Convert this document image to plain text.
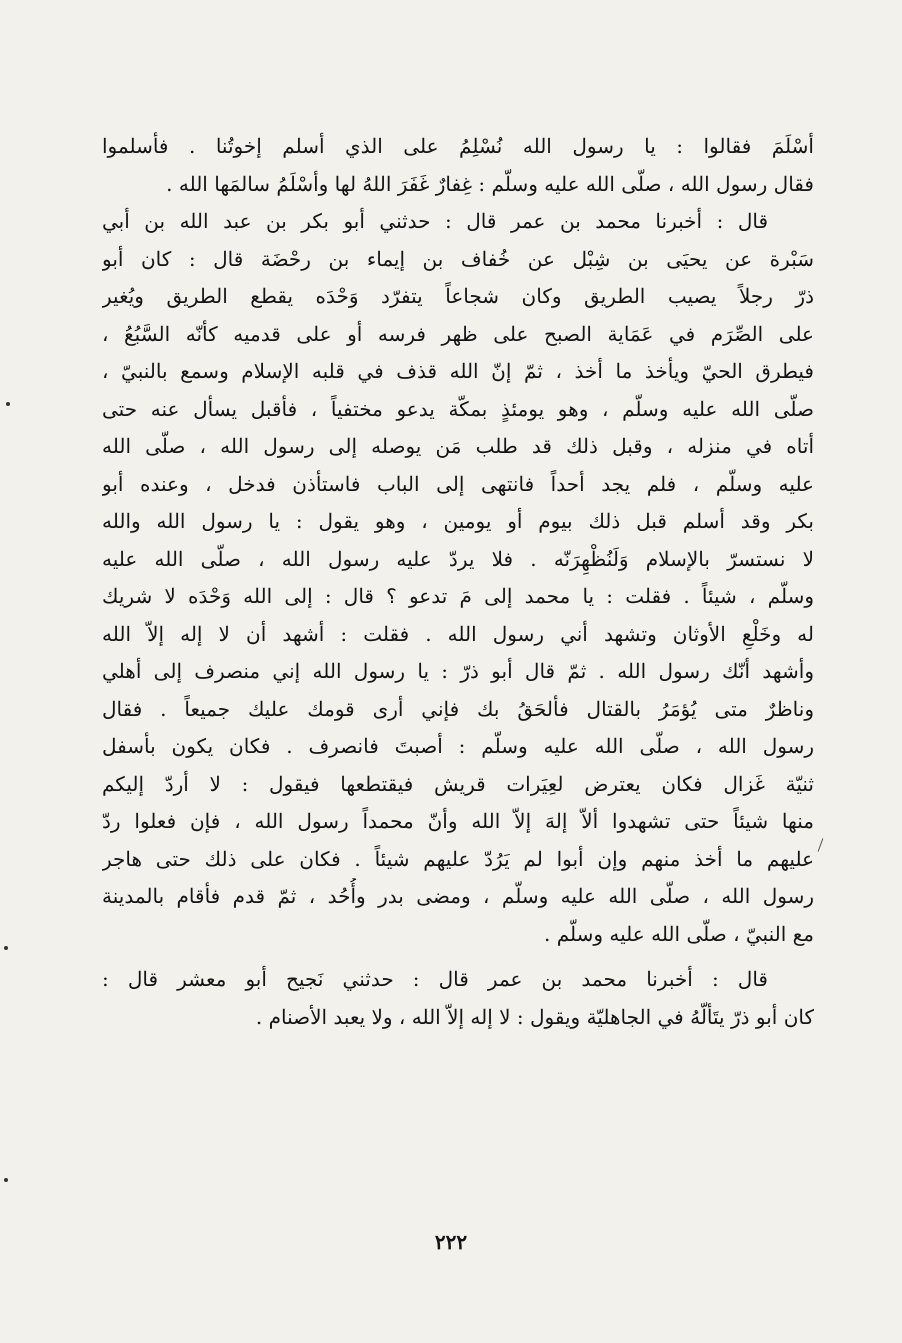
أسْلَمَ فقالوا : يا رسول الله نُسْلِمُ على الذي أسلم إخوتُنا . فأسلموا
فقال رسول الله ، صلّى الله عليه وسلّم : غِفارٌ غَفَرَ اللهُ لها وأسْلَمُ سالمَها الله .
قال : أخبرنا محمد بن عمر قال : حدثني أبو بكر بن عبد الله بن أبي
سَبْرة عن يحيَى بن شِبْل عن خُفاف بن إيماء بن رحْضَة قال : كان أبو
ذرّ رجلاً يصيب الطريق وكان شجاعاً يتفرّد وَحْدَه يقطع الطريق ويُغير
على الصِّرَم في عَمَاية الصبح على ظهر فرسه أو على قدميه كأنّه السَّبُعُ ،
فيطرق الحيّ ويأخذ ما أخذ ، ثمّ إنّ الله قذف في قلبه الإسلام وسمع بالنبيّ ،
صلّى الله عليه وسلّم ، وهو يومئذٍ بمكّة يدعو مختفياً ، فأقبل يسأل عنه حتى
أتاه في منزله ، وقبل ذلك قد طلب مَن يوصله إلى رسول الله ، صلّى الله
عليه وسلّم ، فلم يجد أحداً فانتهى إلى الباب فاستأذن فدخل ، وعنده أبو
بكر وقد أسلم قبل ذلك بيوم أو يومين ، وهو يقول : يا رسول الله والله
لا نستسرّ بالإسلام وَلَنُظْهِرَنّه . فلا يردّ عليه رسول الله ، صلّى الله عليه
وسلّم ، شيئاً . فقلت : يا محمد إلى مَ تدعو ؟ قال : إلى الله وَحْدَه لا شريك
له وخَلْعِ الأوثان وتشهد أني رسول الله . فقلت : أشهد أن لا إله إلاّ الله
وأشهد أنّك رسول الله . ثمّ قال أبو ذرّ : يا رسول الله إني منصرف إلى أهلي
وناظرٌ متى يُؤمَرُ بالقتال فألحَقُ بك فإني أرى قومك عليك جميعاً . فقال
رسول الله ، صلّى الله عليه وسلّم : أصبتَ فانصرف . فكان يكون بأسفل
ثنيّة غَزال فكان يعترض لعِيَرات قريش فيقتطعها فيقول : لا أردّ إليكم
منها شيئاً حتى تشهدوا ألاّ إلهَ إلاّ الله وأنّ محمداً رسول الله ، فإن فعلوا ردّ
عليهم ما أخذ منهم وإن أبوا لم يَرُدّ عليهم شيئاً . فكان على ذلك حتى هاجر
رسول الله ، صلّى الله عليه وسلّم ، ومضى بدر وأُحُد ، ثمّ قدم فأقام بالمدينة
مع النبيّ ، صلّى الله عليه وسلّم .
قال : أخبرنا محمد بن عمر قال : حدثني نَجيح أبو معشر قال :
كان أبو ذرّ يتَألّهُ في الجاهليّة ويقول : لا إله إلاّ الله ، ولا يعبد الأصنام .
٢٢٢
